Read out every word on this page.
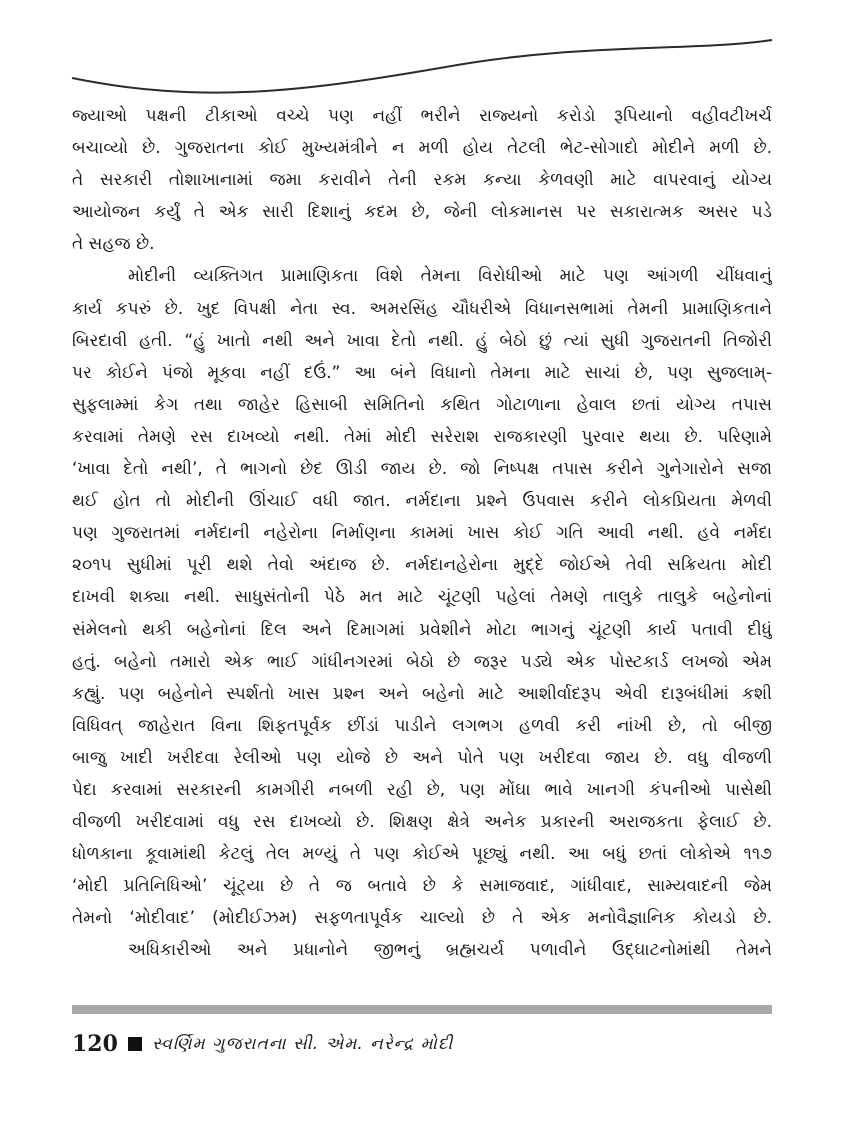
જ્યાઓ પક્ષની ટીકાઓ વચ્ચે પણ નહીં ભરીને રાજ્યનો કરોડો રૂપિયાનો વહીવટીખર્ચ
બચાવ્યો છે. ગુજરાતના કોઈ મુખ્યમંત્રીને ન મળી હોય તેટલી ભેટ-સોગાદો મોદીને મળી છે.
તે સરકારી તોશાખાનામાં જમા કરાવીને તેની રકમ કન્યા કેળવણી માટે વાપરવાનું યોગ્ય
આયોજન કર્યું તે એક સારી દિશાનું કદમ છે, જેની લોકમાનસ પર સકારાત્મક અસર પડે
તે સહજ છે.
મોદીની વ્યક્તિગત પ્રામાણિકતા વિશે તેમના વિરોધીઓ માટે પણ આંગળી ચીંધવાનું
કાર્ય કપરું છે. ખુદ વિપક્ષી નેતા સ્વ. અમરસિંહ ચૌધરીએ વિધાનસભામાં તેમની પ્રામાણિકતાને
બિરદાવી હતી. “હું ખાતો નથી અને ખાવા દેતો નથી. હું બેઠો છું ત્યાં સુધી ગુજરાતની તિજોરી
પર કોઈને પંજો મૂકવા નહીં દઉં.” આ બંને વિધાનો તેમના માટે સાચાં છે, પણ સુજલામ્-
સુફલામ્માં કેગ તથા જાહેર હિસાબી સમિતિનો કથિત ગોટાળાના હેવાલ છતાં યોગ્ય તપાસ
કરવામાં તેમણે રસ દાખવ્યો નથી. તેમાં મોદી સરેરાશ રાજકારણી પુરવાર થયા છે. પરિણામે
‘ખાવા દેતો નથી’, તે ભાગનો છેદ ઊડી જાય છે. જો નિષ્પક્ષ તપાસ કરીને ગુનેગારોને સજા
થઈ હોત તો મોદીની ઊંચાઈ વધી જાત. નર્મદાના પ્રશ્ને ઉપવાસ કરીને લોકપ્રિયતા મેળવી
પણ ગુજરાતમાં નર્મદાની નહેરોના નિર્માણના કામમાં ખાસ કોઈ ગતિ આવી નથી. હવે નર્મદા
૨૦૧૫ સુધીમાં પૂરી થશે તેવો અંદાજ છે. નર્મદાનહેરોના મુદ્દે જોઈએ તેવી સક્રિયતા મોદી
દાખવી શક્યા નથી. સાધુસંતોની પેઠે મત માટે ચૂંટણી પહેલાં તેમણે તાલુકે તાલુકે બહેનોનાં
સંમેલનો થકી બહેનોનાં દિલ અને દિમાગમાં પ્રવેશીને મોટા ભાગનું ચૂંટણી કાર્ય પતાવી દીધું
હતું. બહેનો તમારો એક ભાઈ ગાંધીનગરમાં બેઠો છે જરૂર પડ્યે એક પોસ્ટકાર્ડ લખજો એમ
કહ્યું. પણ બહેનોને સ્પર્શતો ખાસ પ્રશ્ન અને બહેનો માટે આશીર્વાદરૂપ એવી દારૂબંધીમાં કશી
વિધિવત્ જાહેરાત વિના શિફતપૂર્વક છીંડાં પાડીને લગભગ હળવી કરી નાંખી છે, તો બીજી
બાજુ ખાદી ખરીદવા રેલીઓ પણ યોજે છે અને પોતે પણ ખરીદવા જાય છે. વધુ વીજળી
પેદા કરવામાં સરકારની કામગીરી નબળી રહી છે, પણ મોંઘા ભાવે ખાનગી કંપનીઓ પાસેથી
વીજળી ખરીદવામાં વધુ રસ દાખવ્યો છે. શિક્ષણ ક્ષેત્રે અનેક પ્રકારની અરાજકતા ફેલાઈ છે.
ધોળકાના કૂવામાંથી કેટલું તેલ મળ્યું તે પણ કોઈએ પૂછ્યું નથી. આ બધું છતાં લોકોએ ૧૧૭
‘મોદી પ્રતિનિધિઓ’ ચૂંટ્યા છે તે જ બતાવે છે કે સમાજવાદ, ગાંધીવાદ, સામ્યવાદની જેમ
તેમનો ‘મોદીવાદ’ (મોદીઈઝમ) સફળતાપૂર્વક ચાલ્યો છે તે એક મનોવૈજ્ઞાનિક કોયડો છે.
અધિકારીઓ અને પ્રધાનોને જીભનું બ્રહ્મચર્ય પળાવીને ઉદ્ઘાટનોમાંથી તેમને
120 સ્વર્ણિમ ગુજરાતના સી. એમ. નરેન્દ્ર મોદી
